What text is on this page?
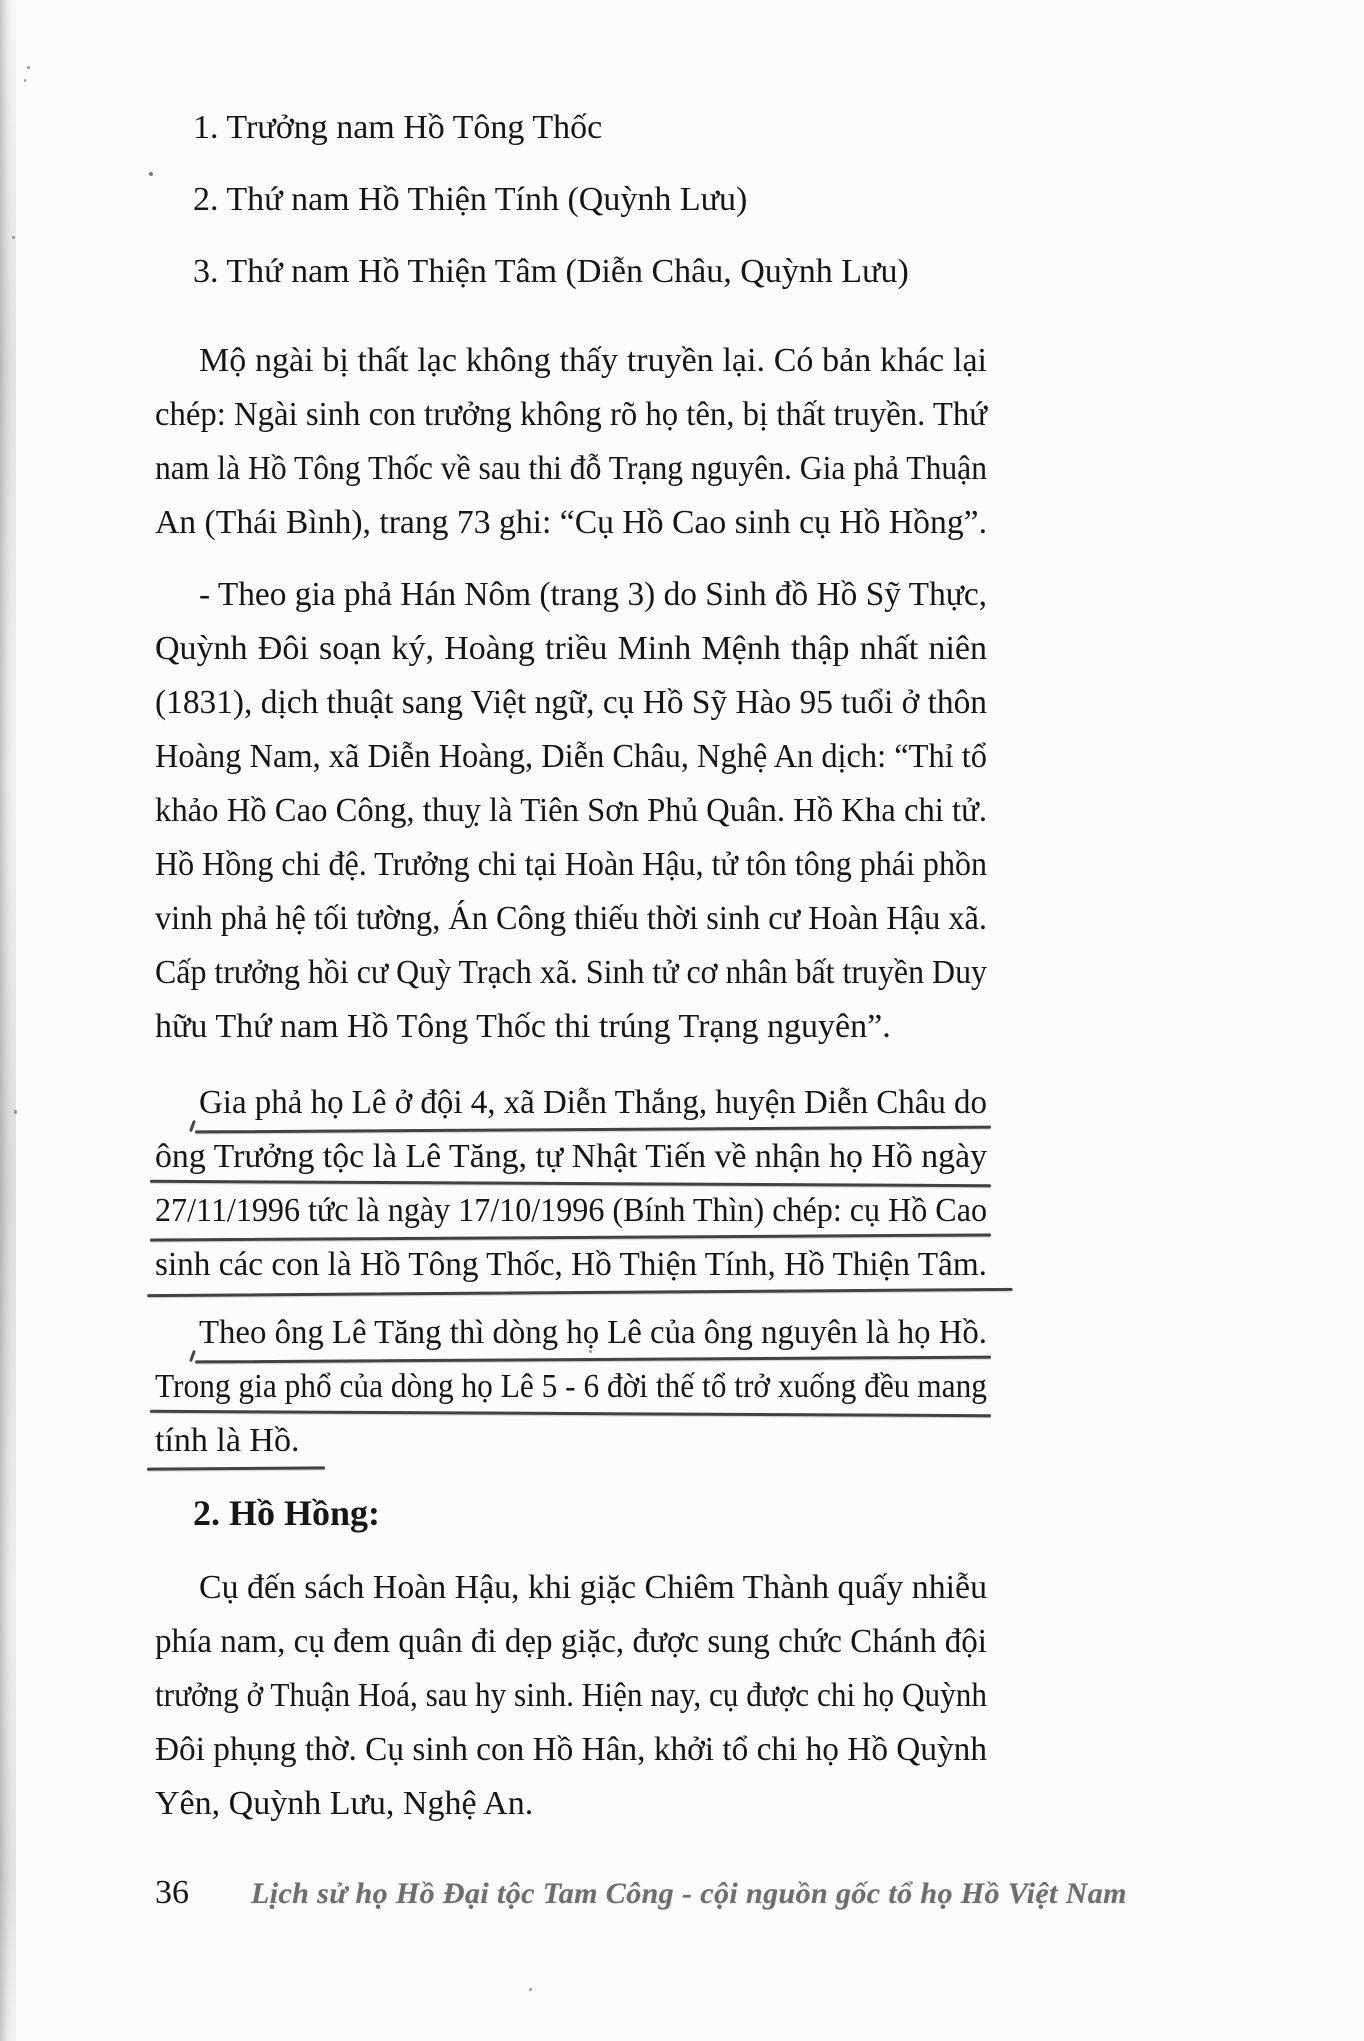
1. Trưởng nam Hồ Tông Thốc
2. Thứ nam Hồ Thiện Tính (Quỳnh Lưu)
3. Thứ nam Hồ Thiện Tâm (Diễn Châu, Quỳnh Lưu)
Mộ ngài bị thất lạc không thấy truyền lại. Có bản khác lại
chép: Ngài sinh con trưởng không rõ họ tên, bị thất truyền. Thứ
nam là Hồ Tông Thốc về sau thi đỗ Trạng nguyên. Gia phả Thuận
An (Thái Bình), trang 73 ghi: “Cụ Hồ Cao sinh cụ Hồ Hồng”.
- Theo gia phả Hán Nôm (trang 3) do Sinh đồ Hồ Sỹ Thực,
Quỳnh Đôi soạn ký, Hoàng triều Minh Mệnh thập nhất niên
(1831), dịch thuật sang Việt ngữ, cụ Hồ Sỹ Hào 95 tuổi ở thôn
Hoàng Nam, xã Diễn Hoàng, Diễn Châu, Nghệ An dịch: “Thỉ tổ
khảo Hồ Cao Công, thuỵ là Tiên Sơn Phủ Quân. Hồ Kha chi tử.
Hồ Hồng chi đệ. Trưởng chi tại Hoàn Hậu, tử tôn tông phái phồn
vinh phả hệ tối tường, Án Công thiếu thời sinh cư Hoàn Hậu xã.
Cấp trưởng hồi cư Quỳ Trạch xã. Sinh tử cơ nhân bất truyền Duy
hữu Thứ nam Hồ Tông Thốc thi trúng Trạng nguyên”.
Gia phả họ Lê ở đội 4, xã Diễn Thắng, huyện Diễn Châu do
ông Trưởng tộc là Lê Tăng, tự Nhật Tiến về nhận họ Hồ ngày
27/11/1996 tức là ngày 17/10/1996 (Bính Thìn) chép: cụ Hồ Cao
sinh các con là Hồ Tông Thốc, Hồ Thiện Tính, Hồ Thiện Tâm.
Theo ông Lê Tăng thì dòng họ Lê của ông nguyên là họ Hồ.
Trong gia phổ của dòng họ Lê 5 - 6 đời thế tổ trở xuống đều mang
tính là Hồ.
2. Hồ Hồng:
Cụ đến sách Hoàn Hậu, khi giặc Chiêm Thành quấy nhiễu
phía nam, cụ đem quân đi dẹp giặc, được sung chức Chánh đội
trưởng ở Thuận Hoá, sau hy sinh. Hiện nay, cụ được chi họ Quỳnh
Đôi phụng thờ. Cụ sinh con Hồ Hân, khởi tổ chi họ Hồ Quỳnh
Yên, Quỳnh Lưu, Nghệ An.
36	Lịch sử họ Hồ Đại tộc Tam Công - cội nguồn gốc tổ họ Hồ Việt Nam
